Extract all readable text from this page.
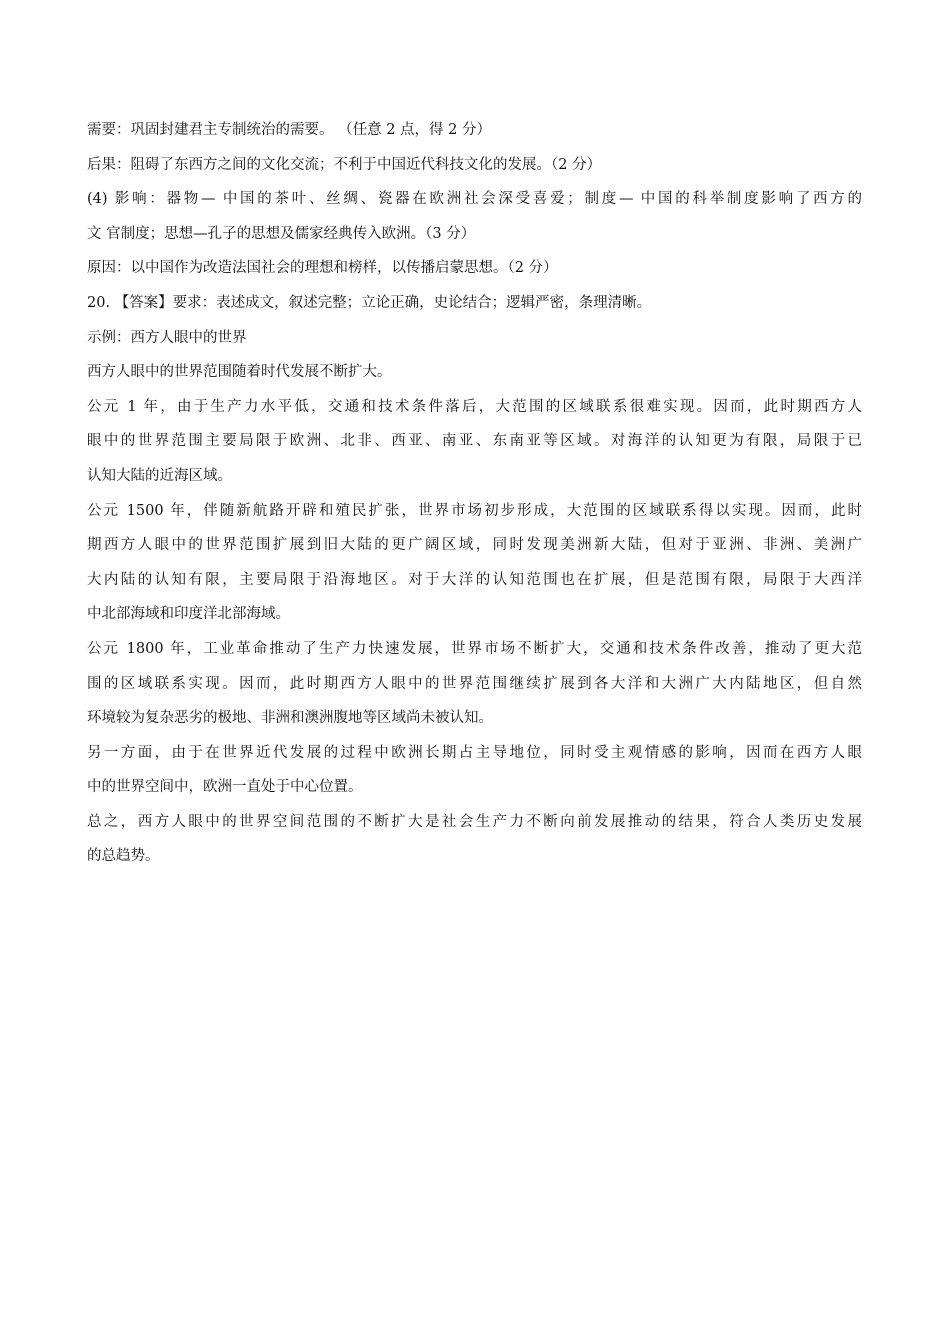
需要：巩固封建君主专制统治的需要。 （任意 2 点，得 2 分）
后果：阻碍了东西方之间的文化交流；不利于中国近代科技文化的发展。（2 分）
(4) 影响：器物— 中国的茶叶、丝绸、瓷器在欧洲社会深受喜爱；制度— 中国的科举制度影响了西方的
文 官制度；思想—孔子的思想及儒家经典传入欧洲。（3 分）
原因：以中国作为改造法国社会的理想和榜样，以传播启蒙思想。（2 分）
20. 【答案】要求：表述成文，叙述完整；立论正确，史论结合；逻辑严密，条理清晰。
示例：西方人眼中的世界
西方人眼中的世界范围随着时代发展不断扩大。
公元 1 年，由于生产力水平低，交通和技术条件落后，大范围的区域联系很难实现。因而，此时期西方人
眼中的世界范围主要局限于欧洲、北非、西亚、南亚、东南亚等区域。对海洋的认知更为有限，局限于已
认知大陆的近海区域。
公元 1500 年，伴随新航路开辟和殖民扩张，世界市场初步形成，大范围的区域联系得以实现。因而，此时
期西方人眼中的世界范围扩展到旧大陆的更广阔区域，同时发现美洲新大陆，但对于亚洲、非洲、美洲广
大内陆的认知有限，主要局限于沿海地区。对于大洋的认知范围也在扩展，但是范围有限，局限于大西洋
中北部海域和印度洋北部海域。
公元 1800 年，工业革命推动了生产力快速发展，世界市场不断扩大，交通和技术条件改善，推动了更大范
围的区域联系实现。因而，此时期西方人眼中的世界范围继续扩展到各大洋和大洲广大内陆地区，但自然
环境较为复杂恶劣的极地、非洲和澳洲腹地等区域尚未被认知。
另一方面，由于在世界近代发展的过程中欧洲长期占主导地位，同时受主观情感的影响，因而在西方人眼
中的世界空间中，欧洲一直处于中心位置。
总之，西方人眼中的世界空间范围的不断扩大是社会生产力不断向前发展推动的结果，符合人类历史发展
的总趋势。
